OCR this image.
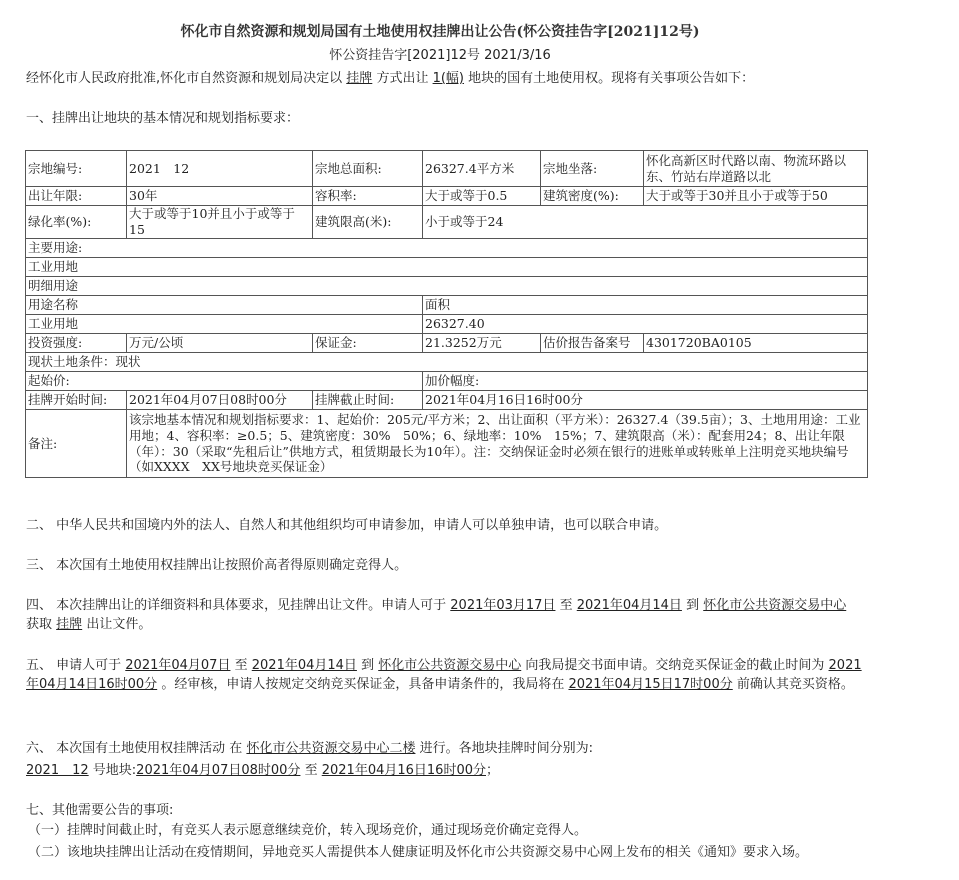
怀化市自然资源和规划局国有土地使用权挂牌出让公告(怀公资挂告字[2021]12号)
怀公资挂告字[2021]12号 2021/3/16
经怀化市人民政府批准,怀化市自然资源和规划局决定以 挂牌 方式出让 1(幅) 地块的国有土地使用权。现将有关事项公告如下：
一、挂牌出让地块的基本情况和规划指标要求：
宗地编号:	2021　12	宗地总面积:	26327.4平方米	宗地坐落:	怀化高新区时代路以南、物流环路以东、竹站右岸道路以北
出让年限:	30年	容积率:	大于或等于0.5	建筑密度(%):	大于或等于30并且小于或等于50
绿化率(%):	大于或等于10并且小于或等于15	建筑限高(米):	小于或等于24		
主要用途:					
工业用地					
明细用途					
用途名称			面积		
工业用地			26327.40		
投资强度:	万元/公顷	保证金:	21.3252万元	估价报告备案号	4301720BA0105
现状土地条件：现状					
起始价:			加价幅度:		
挂牌开始时间:	2021年04月07日08时00分	挂牌截止时间:	2021年04月16日16时00分		
备注:	该宗地基本情况和规划指标要求：1、起始价：205元/平方米；2、出让面积（平方米）：26327.4（39.5亩）；3、土地用用途：工业用地；4、容积率：≥0.5；5、建筑密度：30%　50%；6、绿地率：10%　15%；7、建筑限高（米）：配套用24；8、出让年限（年）：30（采取“先租后让”供地方式，租赁期最长为10年）。注：交纳保证金时必须在银行的进账单或转账单上注明竞买地块编号（如XXXX　XX号地块竞买保证金）				
二、 中华人民共和国境内外的法人、自然人和其他组织均可申请参加，申请人可以单独申请，也可以联合申请。
三、 本次国有土地使用权挂牌出让按照价高者得原则确定竞得人。
四、 本次挂牌出让的详细资料和具体要求，见挂牌出让文件。申请人可于 2021年03月17日 至 2021年04月14日 到 怀化市公共资源交易中心 获取 挂牌 出让文件。
五、 申请人可于 2021年04月07日 至 2021年04月14日 到 怀化市公共资源交易中心 向我局提交书面申请。交纳竞买保证金的截止时间为 2021年04月14日16时00分 。经审核，申请人按规定交纳竞买保证金，具备申请条件的，我局将在 2021年04月15日17时00分 前确认其竞买资格。
六、 本次国有土地使用权挂牌活动 在 怀化市公共资源交易中心二楼 进行。各地块挂牌时间分别为:
2021　12 号地块:2021年04月07日08时00分 至 2021年04月16日16时00分；
七、其他需要公告的事项:
（一）挂牌时间截止时，有竞买人表示愿意继续竞价，转入现场竞价，通过现场竞价确定竞得人。
（二）该地块挂牌出让活动在疫情期间，异地竞买人需提供本人健康证明及怀化市公共资源交易中心网上发布的相关《通知》要求入场。
